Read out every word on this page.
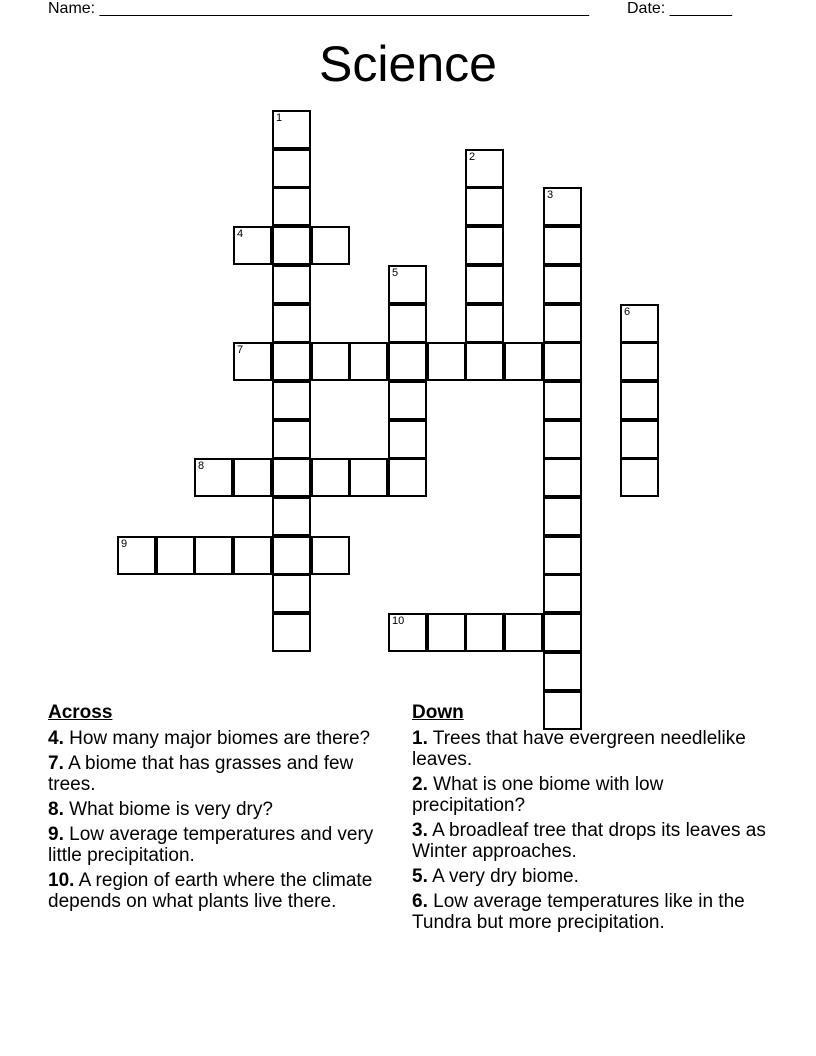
Name: _______________________________________________________ Date: _______
Science
1
2
3
4
5
6
7
8
9
10
Across
4. How many major biomes are there?
7. A biome that has grasses and few trees.
8. What biome is very dry?
9. Low average temperatures and very little precipitation.
10. A region of earth where the climate depends on what plants live there.
Down
1. Trees that have evergreen needlelike leaves.
2. What is one biome with low precipitation?
3. A broadleaf tree that drops its leaves as Winter approaches.
5. A very dry biome.
6. Low average temperatures like in the Tundra but more precipitation.
